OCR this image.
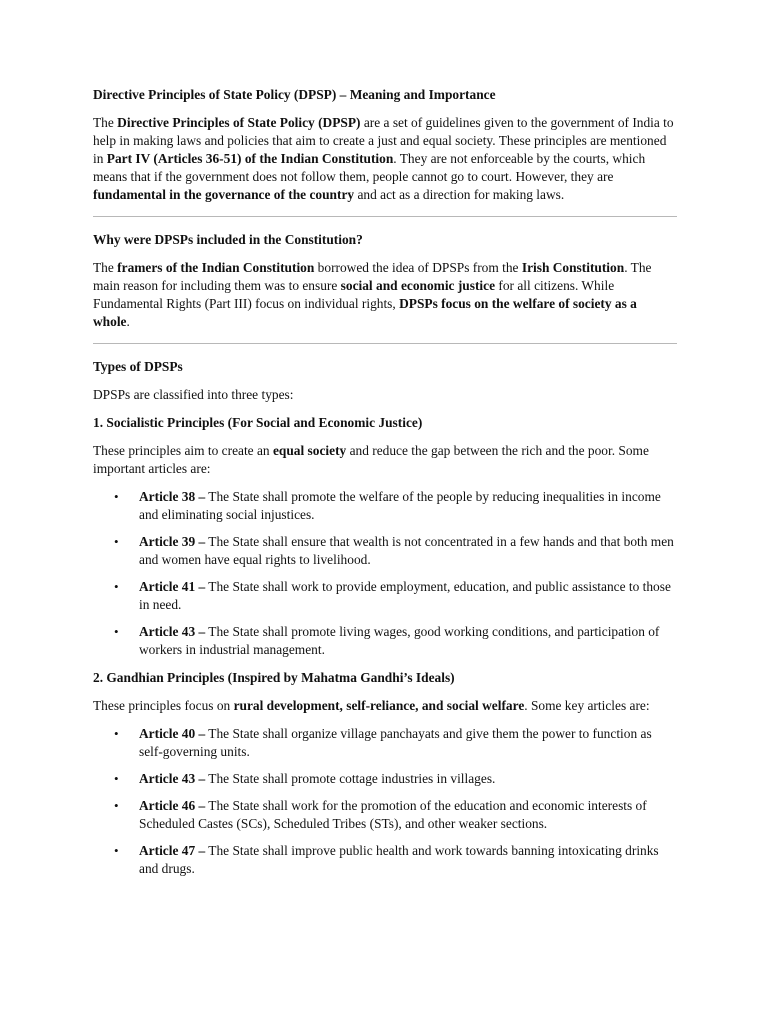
Directive Principles of State Policy (DPSP) – Meaning and Importance

The Directive Principles of State Policy (DPSP) are a set of guidelines given to the government of India to help in making laws and policies that aim to create a just and equal society. These principles are mentioned in Part IV (Articles 36-51) of the Indian Constitution. They are not enforceable by the courts, which means that if the government does not follow them, people cannot go to court. However, they are fundamental in the governance of the country and act as a direction for making laws.

Why were DPSPs included in the Constitution?

The framers of the Indian Constitution borrowed the idea of DPSPs from the Irish Constitution. The main reason for including them was to ensure social and economic justice for all citizens. While Fundamental Rights (Part III) focus on individual rights, DPSPs focus on the welfare of society as a whole.

Types of DPSPs

DPSPs are classified into three types:

1. Socialistic Principles (For Social and Economic Justice)

These principles aim to create an equal society and reduce the gap between the rich and the poor. Some important articles are:

• Article 38 – The State shall promote the welfare of the people by reducing inequalities in income and eliminating social injustices.
• Article 39 – The State shall ensure that wealth is not concentrated in a few hands and that both men and women have equal rights to livelihood.
• Article 41 – The State shall work to provide employment, education, and public assistance to those in need.
• Article 43 – The State shall promote living wages, good working conditions, and participation of workers in industrial management.
2. Gandhian Principles (Inspired by Mahatma Gandhi’s Ideals)

These principles focus on rural development, self-reliance, and social welfare. Some key articles are:

• Article 40 – The State shall organize village panchayats and give them the power to function as self-governing units.
• Article 43 – The State shall promote cottage industries in villages.
• Article 46 – The State shall work for the promotion of the education and economic interests of Scheduled Castes (SCs), Scheduled Tribes (STs), and other weaker sections.
• Article 47 – The State shall improve public health and work towards banning intoxicating drinks and drugs.
